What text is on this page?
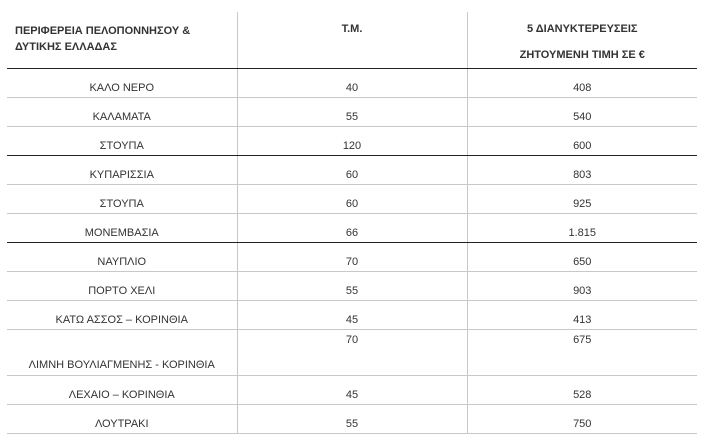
ΠΕΡΙΦΕΡΕΙΑ ΠΕΛΟΠΟΝΝΗΣΟΥ & ΔΥΤΙΚΗΣ ΕΛΛΑΔΑΣ	Τ.Μ.	5 ΔΙΑΝΥΚΤΕΡΕΥΣΕΙΣ
ΖΗΤΟΥΜΕΝΗ ΤΙΜΗ ΣΕ €

ΚΑΛΟ ΝΕΡΟ	40	408
ΚΑΛΑΜΑΤΑ	55	540
ΣΤΟΥΠΑ	120	600
ΚΥΠΑΡΙΣΣΙΑ	60	803
ΣΤΟΥΠΑ	60	925
ΜΟΝΕΜΒΑΣΙΑ	66	1.815
ΝΑΥΠΛΙΟ	70	650
ΠΟΡΤΟ ΧΕΛΙ	55	903
ΚΑΤΩ ΑΣΣΟΣ – ΚΟΡΙΝΘΙΑ	45	413
ΛΙΜΝΗ ΒΟΥΛΙΑΓΜΕΝΗΣ - ΚΟΡΙΝΘΙΑ	70	675
ΛΕΧΑΙΟ – ΚΟΡΙΝΘΙΑ	45	528
ΛΟΥΤΡΑΚΙ	55	750
